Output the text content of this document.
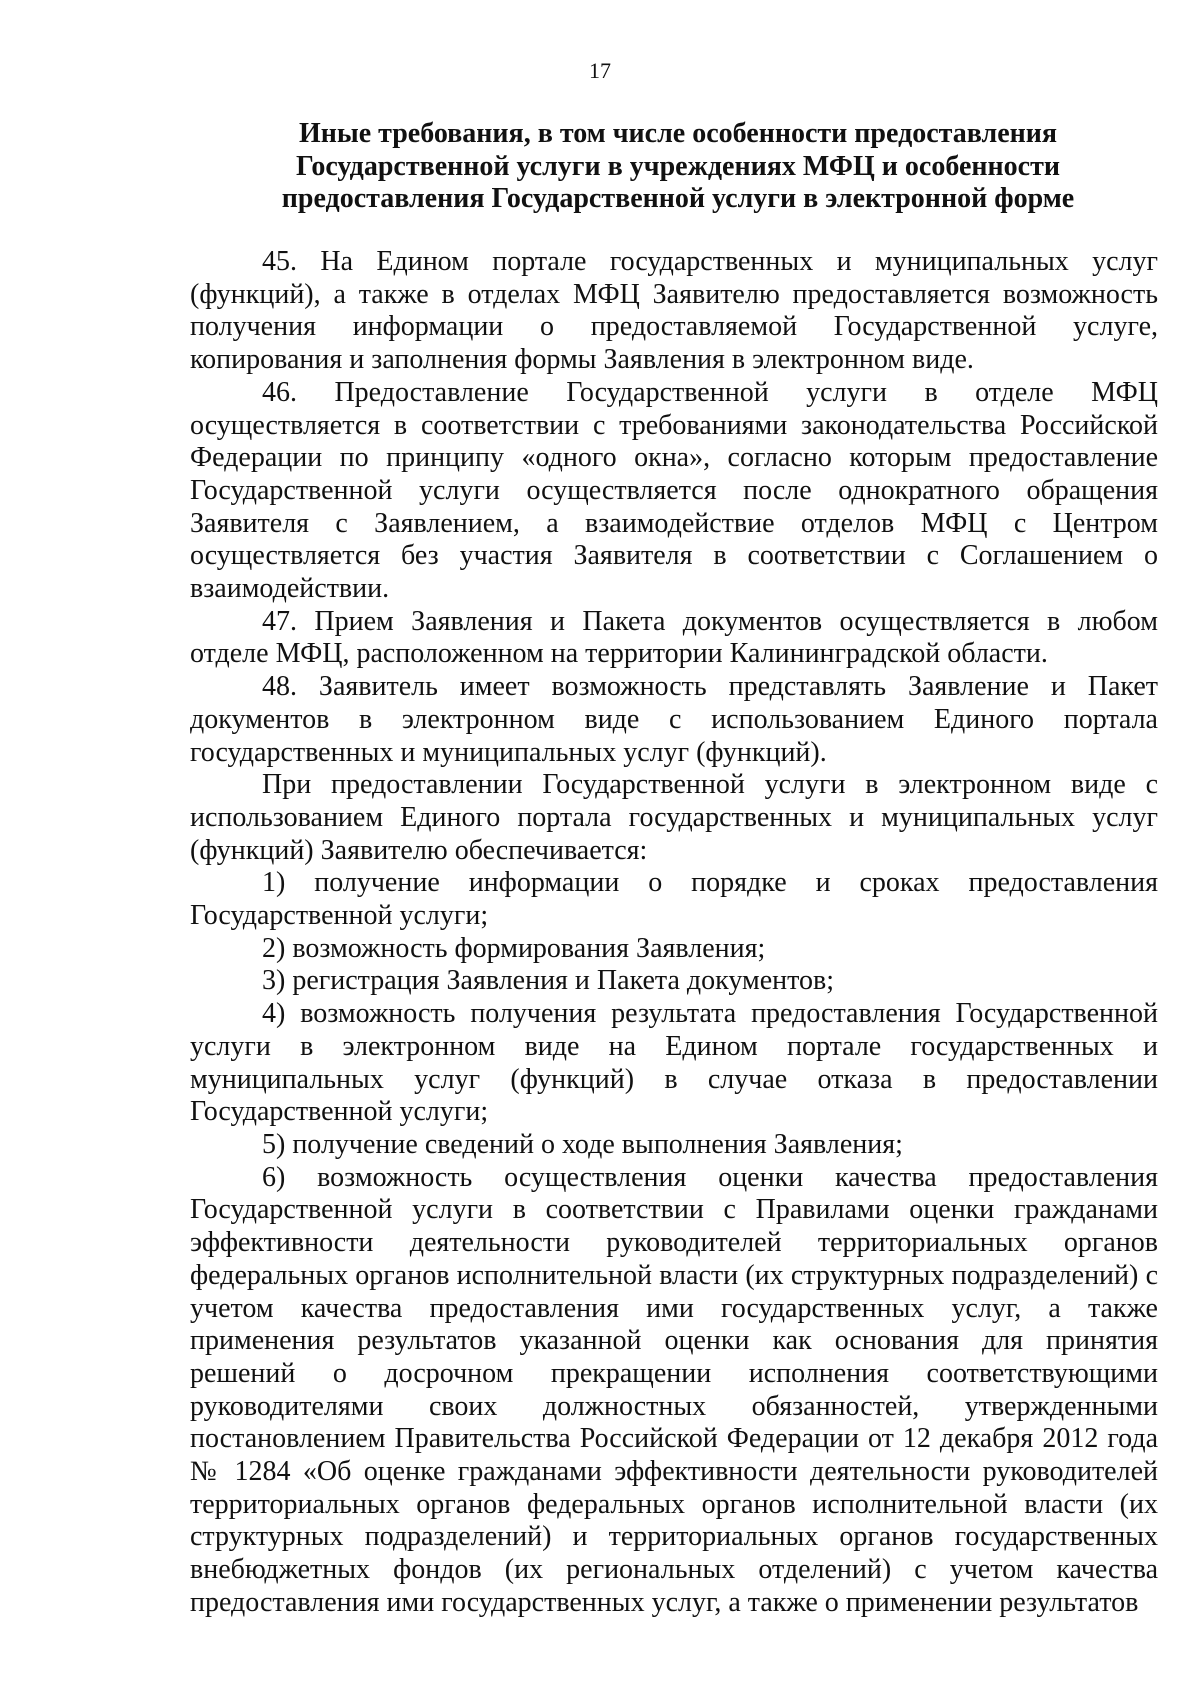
17
Иные требования, в том числе особенности предоставления
Государственной услуги в учреждениях МФЦ и особенности
предоставления Государственной услуги в электронной форме

45. На Едином портале государственных и муниципальных услуг (функций), а также в отделах МФЦ Заявителю предоставляется возможность получения информации о предоставляемой Государственной услуге, копирования и заполнения формы Заявления в электронном виде.

46. Предоставление Государственной услуги в отделе МФЦ осуществляется в соответствии с требованиями законодательства Российской Федерации по принципу «одного окна», согласно которым предоставление Государственной услуги осуществляется после однократного обращения Заявителя с Заявлением, а взаимодействие отделов МФЦ с Центром осуществляется без участия Заявителя в соответствии с Соглашением о взаимодействии.

47. Прием Заявления и Пакета документов осуществляется в любом отделе МФЦ, расположенном на территории Калининградской области.

48. Заявитель имеет возможность представлять Заявление и Пакет документов в электронном виде с использованием Единого портала государственных и муниципальных услуг (функций).

При предоставлении Государственной услуги в электронном виде с использованием Единого портала государственных и муниципальных услуг (функций) Заявителю обеспечивается:

1) получение информации о порядке и сроках предоставления Государственной услуги;

2) возможность формирования Заявления;

3) регистрация Заявления и Пакета документов;

4) возможность получения результата предоставления Государственной услуги в электронном виде на Едином портале государственных и муниципальных услуг (функций) в случае отказа в предоставлении Государственной услуги;

5) получение сведений о ходе выполнения Заявления;

6) возможность осуществления оценки качества предоставления Государственной услуги в соответствии с Правилами оценки гражданами эффективности деятельности руководителей территориальных органов федеральных органов исполнительной власти (их структурных подразделений) с учетом качества предоставления ими государственных услуг, а также применения результатов указанной оценки как основания для принятия решений о досрочном прекращении исполнения соответствующими руководителями своих должностных обязанностей, утвержденными постановлением Правительства Российской Федерации от 12 декабря 2012 года № 1284 «Об оценке гражданами эффективности деятельности руководителей территориальных органов федеральных органов исполнительной власти (их структурных подразделений) и территориальных органов государственных внебюджетных фондов (их региональных отделений) с учетом качества предоставления ими государственных услуг, а также о применении результатов
